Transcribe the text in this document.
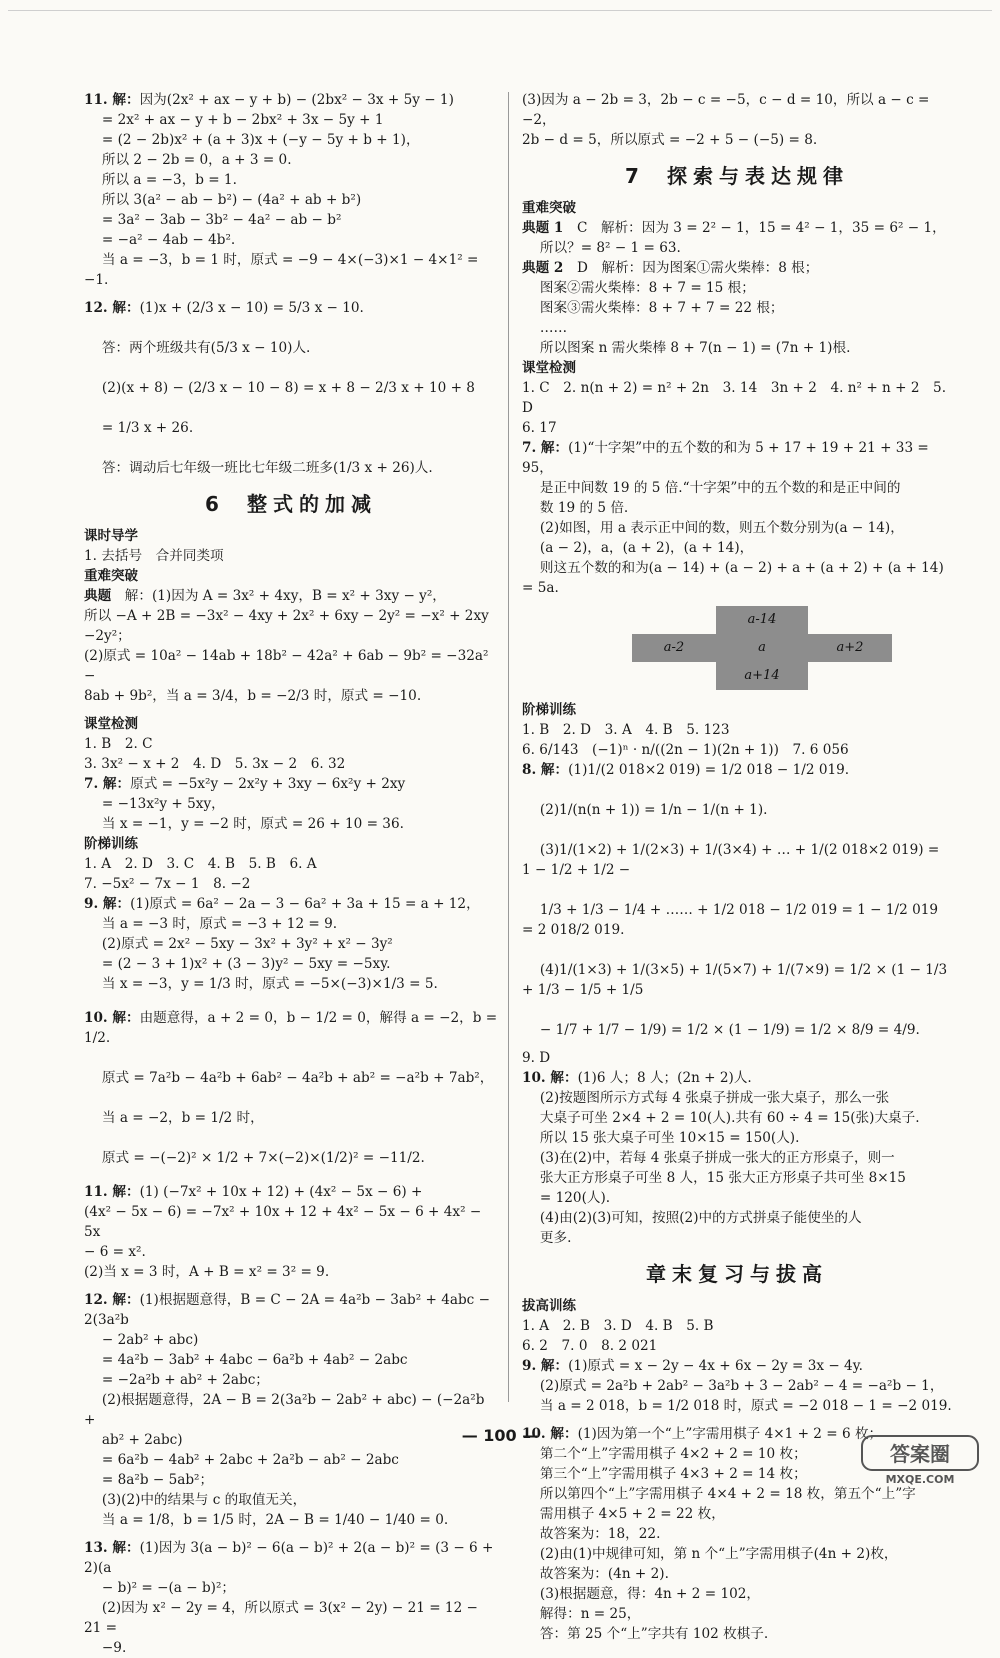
11. 解：因为(2x² + ax − y + b) − (2bx² − 3x + 5y − 1)
　 = 2x² + ax − y + b − 2bx² + 3x − 5y + 1
　 = (2 − 2b)x² + (a + 3)x + (−y − 5y + b + 1)，
　 所以 2 − 2b = 0，a + 3 = 0.
　 所以 a = −3，b = 1.
　 所以 3(a² − ab − b²) − (4a² + ab + b²)
　 = 3a² − 3ab − 3b² − 4a² − ab − b²
　 = −a² − 4ab − 4b².
　 当 a = −3，b = 1 时，原式 = −9 − 4×(−3)×1 − 4×1² = −1.
12. 解：(1)x + (2/3 x − 10) = 5/3 x − 10.

　 答：两个班级共有(5/3 x − 10)人.

　 (2)(x + 8) − (2/3 x − 10 − 8) = x + 8 − 2/3 x + 10 + 8

　 = 1/3 x + 26.

　 答：调动后七年级一班比七年级二班多(1/3 x + 26)人.
6 整式的加减
课时导学
1. 去括号　合并同类项
重难突破
典题　 解：(1)因为 A = 3x² + 4xy，B = x² + 3xy − y²，
所以 −A + 2B = −3x² − 4xy + 2x² + 6xy − 2y² = −x² + 2xy
−2y²；
(2)原式 = 10a² − 14ab + 18b² − 42a² + 6ab − 9b² = −32a² −
8ab + 9b²，当 a = 3/4，b = −2/3 时，原式 = −10.
课堂检测
1. B　2. C
3. 3x² − x + 2　4. D　5. 3x − 2　6. 32
7. 解：原式 = −5x²y − 2x²y + 3xy − 6x²y + 2xy
　 = −13x²y + 5xy，
　 当 x = −1，y = −2 时，原式 = 26 + 10 = 36.
阶梯训练
1. A　2. D　3. C　4. B　5. B　6. A
7. −5x² − 7x − 1　8. −2
9. 解：(1)原式 = 6a² − 2a − 3 − 6a² + 3a + 15 = a + 12，
　 当 a = −3 时，原式 = −3 + 12 = 9.
　 (2)原式 = 2x² − 5xy − 3x² + 3y² + x² − 3y²
　 = (2 − 3 + 1)x² + (3 − 3)y² − 5xy = −5xy.
　 当 x = −3，y = 1/3 时，原式 = −5×(−3)×1/3 = 5.
10. 解：由题意得，a + 2 = 0，b − 1/2 = 0，解得 a = −2，b = 1/2.

　 原式 = 7a²b − 4a²b + 6ab² − 4a²b + ab² = −a²b + 7ab²，

　 当 a = −2，b = 1/2 时，

　 原式 = −(−2)² × 1/2 + 7×(−2)×(1/2)² = −11/2.
11. 解：(1) (−7x² + 10x + 12) + (4x² − 5x − 6) +
(4x² − 5x − 6) = −7x² + 10x + 12 + 4x² − 5x − 6 + 4x² − 5x
− 6 = x².
(2)当 x = 3 时，A + B = x² = 3² = 9.
12. 解：(1)根据题意得，B = C − 2A = 4a²b − 3ab² + 4abc − 2(3a²b
　 − 2ab² + abc)
　 = 4a²b − 3ab² + 4abc − 6a²b + 4ab² − 2abc
　 = −2a²b + ab² + 2abc；
　 (2)根据题意得，2A − B = 2(3a²b − 2ab² + abc) − (−2a²b +
　 ab² + 2abc)
　 = 6a²b − 4ab² + 2abc + 2a²b − ab² − 2abc
　 = 8a²b − 5ab²；
　 (3)(2)中的结果与 c 的取值无关，
　 当 a = 1/8，b = 1/5 时，2A − B = 1/40 − 1/40 = 0.
13. 解：(1)因为 3(a − b)² − 6(a − b)² + 2(a − b)² = (3 − 6 + 2)(a
　 − b)² = −(a − b)²；
　 (2)因为 x² − 2y = 4，所以原式 = 3(x² − 2y) − 21 = 12 − 21 =
　 −9.
(3)因为 a − 2b = 3，2b − c = −5，c − d = 10，所以 a − c = −2，
2b − d = 5，所以原式 = −2 + 5 − (−5) = 8.
7 探索与表达规律
重难突破
典题 1　 C　解析：因为 3 = 2² − 1，15 = 4² − 1，35 = 6² − 1，
　 所以？= 8² − 1 = 63.
典题 2　 D　解析：因为图案①需火柴棒：8 根；
　 图案②需火柴棒：8 + 7 = 15 根；
　 图案③需火柴棒：8 + 7 + 7 = 22 根；
　 ……
　 所以图案 n 需火柴棒 8 + 7(n − 1) = (7n + 1)根.
课堂检测
1. C　2. n(n + 2) = n² + 2n　3. 14　3n + 2　4. n² + n + 2　5. D
6. 17
7. 解：(1)“十字架”中的五个数的和为 5 + 17 + 19 + 21 + 33 = 95，
　 是正中间数 19 的 5 倍.“十字架”中的五个数的和是正中间的
　 数 19 的 5 倍.
　 (2)如图，用 a 表示正中间的数，则五个数分别为(a − 14)，
　 (a − 2)，a，(a + 2)，(a + 14)，
　 则这五个数的和为(a − 14) + (a − 2) + a + (a + 2) + (a + 14) = 5a.
a-14
a-2	a	a+2
a+14
阶梯训练
1. B　2. D　3. A　4. B　5. 123
6. 6/143　(−1)ⁿ · n/((2n − 1)(2n + 1))　7. 6 056
8. 解：(1)1/(2 018×2 019) = 1/2 018 − 1/2 019.

　 (2)1/(n(n + 1)) = 1/n − 1/(n + 1).

　 (3)1/(1×2) + 1/(2×3) + 1/(3×4) + … + 1/(2 018×2 019) = 1 − 1/2 + 1/2 −

　 1/3 + 1/3 − 1/4 + …… + 1/2 018 − 1/2 019 = 1 − 1/2 019 = 2 018/2 019.

　 (4)1/(1×3) + 1/(3×5) + 1/(5×7) + 1/(7×9) = 1/2 × (1 − 1/3 + 1/3 − 1/5 + 1/5

　 − 1/7 + 1/7 − 1/9) = 1/2 × (1 − 1/9) = 1/2 × 8/9 = 4/9.
9. D
10. 解：(1)6 人；8 人；(2n + 2)人.
　 (2)按题图所示方式每 4 张桌子拼成一张大桌子，那么一张
　 大桌子可坐 2×4 + 2 = 10(人).共有 60 ÷ 4 = 15(张)大桌子.
　 所以 15 张大桌子可坐 10×15 = 150(人).
　 (3)在(2)中，若每 4 张桌子拼成一张大的正方形桌子，则一
　 张大正方形桌子可坐 8 人，15 张大正方形桌子共可坐 8×15
　 = 120(人).
　 (4)由(2)(3)可知，按照(2)中的方式拼桌子能使坐的人
　 更多.
章末复习与拔高
拔高训练
1. A　2. B　3. D　4. B　5. B
6. 2　7. 0　8. 2 021
9. 解：(1)原式 = x − 2y − 4x + 6x − 2y = 3x − 4y.
　 (2)原式 = 2a²b + 2ab² − 3a²b + 3 − 2ab² − 4 = −a²b − 1，
　 当 a = 2 018，b = 1/2 018 时，原式 = −2 018 − 1 = −2 019.
10. 解：(1)因为第一个“上”字需用棋子 4×1 + 2 = 6 枚；
　 第二个“上”字需用棋子 4×2 + 2 = 10 枚；
　 第三个“上”字需用棋子 4×3 + 2 = 14 枚；
　 所以第四个“上”字需用棋子 4×4 + 2 = 18 枚，第五个“上”字
　 需用棋子 4×5 + 2 = 22 枚，
　 故答案为：18，22.
　 (2)由(1)中规律可知，第 n 个“上”字需用棋子(4n + 2)枚，
　 故答案为：(4n + 2).
　 (3)根据题意，得：4n + 2 = 102，
　 解得：n = 25，
　 答：第 25 个“上”字共有 102 枚棋子.
— 100 —
答案圈
MXQE.COM
